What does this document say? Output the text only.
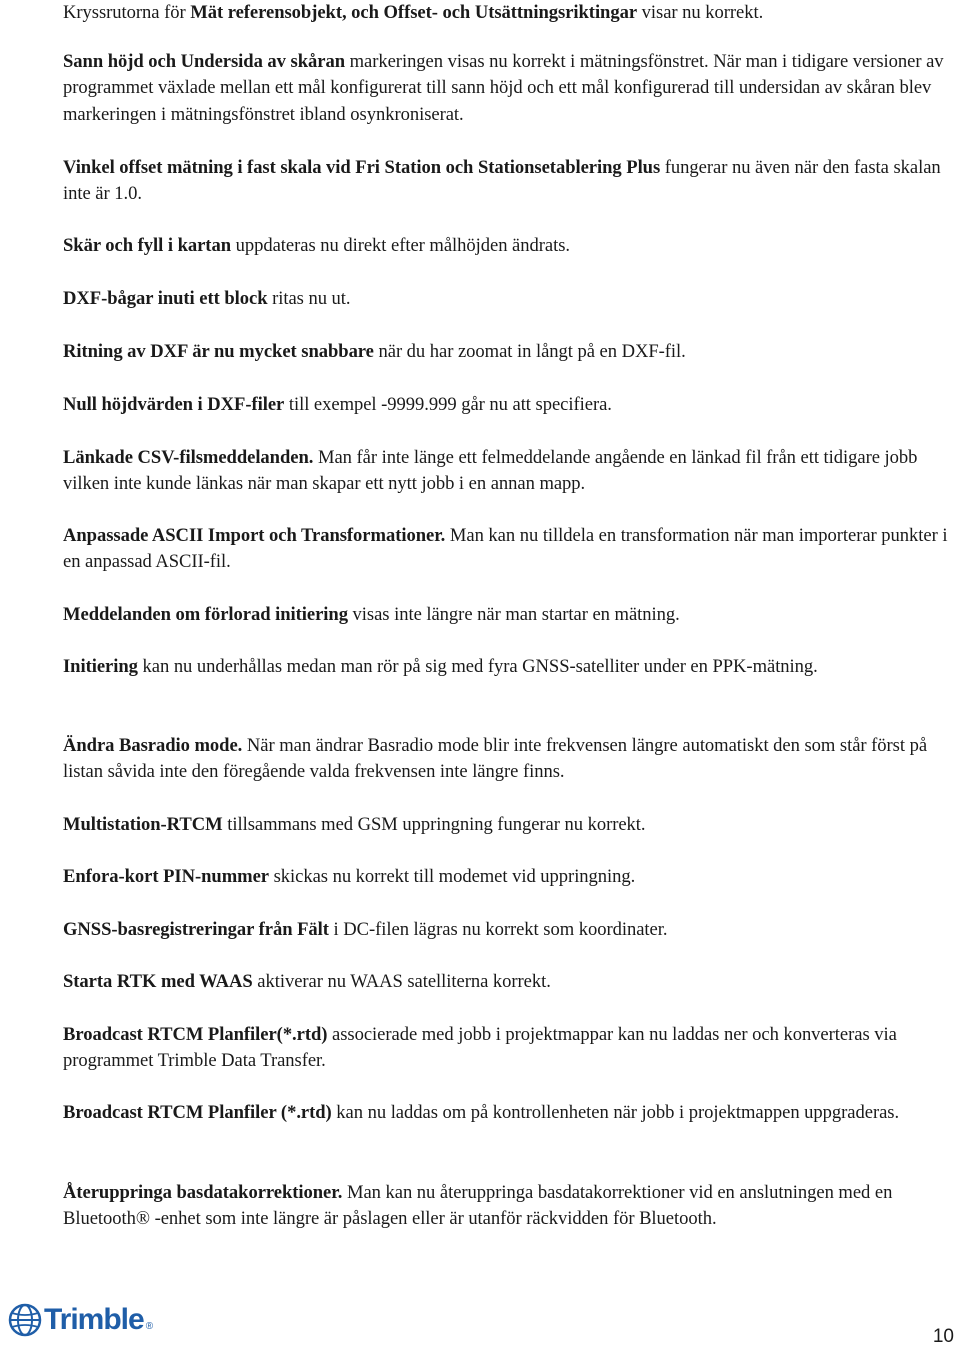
Kryssrutorna för Mät referensobjekt, och Offset- och Utsättningsriktingar visar nu korrekt.

Sann höjd och Undersida av skåran markeringen visas nu korrekt i mätningsfönstret. När man i tidigare versioner av programmet växlade mellan ett mål konfigurerat till sann höjd och ett mål konfigurerad till undersidan av skåran blev markeringen i mätningsfönstret ibland osynkroniserat.

Vinkel offset mätning i fast skala vid Fri Station och Stationsetablering Plus fungerar nu även när den fasta skalan inte är 1.0.

Skär och fyll i kartan uppdateras nu direkt efter målhöjden ändrats.

DXF-bågar inuti ett block ritas nu ut.

Ritning av DXF är nu mycket snabbare när du har zoomat in långt på en DXF-fil.

Null höjdvärden i DXF-filer till exempel -9999.999 går nu att specifiera.

Länkade CSV-filsmeddelanden. Man får inte länge ett felmeddelande angående en länkad fil från ett tidigare jobb vilken inte kunde länkas när man skapar ett nytt jobb i en annan mapp.

Anpassade ASCII Import och Transformationer. Man kan nu tilldela en transformation när man importerar punkter i en anpassad ASCII-fil.

Meddelanden om förlorad initiering visas inte längre när man startar en mätning.

Initiering kan nu underhållas medan man rör på sig med fyra GNSS-satelliter under en PPK-mätning.

Ändra Basradio mode. När man ändrar Basradio mode blir inte frekvensen längre automatiskt den som står först på listan såvida inte den föregående valda frekvensen inte längre finns.

Multistation-RTCM tillsammans med GSM uppringning fungerar nu korrekt.

Enfora-kort PIN-nummer skickas nu korrekt till modemet vid uppringning.

GNSS-basregistreringar från Fält i DC-filen lägras nu korrekt som koordinater.

Starta RTK med WAAS aktiverar nu WAAS satelliterna korrekt.

Broadcast RTCM Planfiler(*.rtd) associerade med jobb i projektmappar kan nu laddas ner och konverteras via programmet Trimble Data Transfer.

Broadcast RTCM Planfiler (*.rtd) kan nu laddas om på kontrollenheten när jobb i projektmappen uppgraderas.

Återuppringa basdatakorrektioner. Man kan nu återuppringa basdatakorrektioner vid en anslutningen med en Bluetooth® -enhet som inte längre är påslagen eller är utanför räckvidden för Bluetooth.

Trimble ®	10
